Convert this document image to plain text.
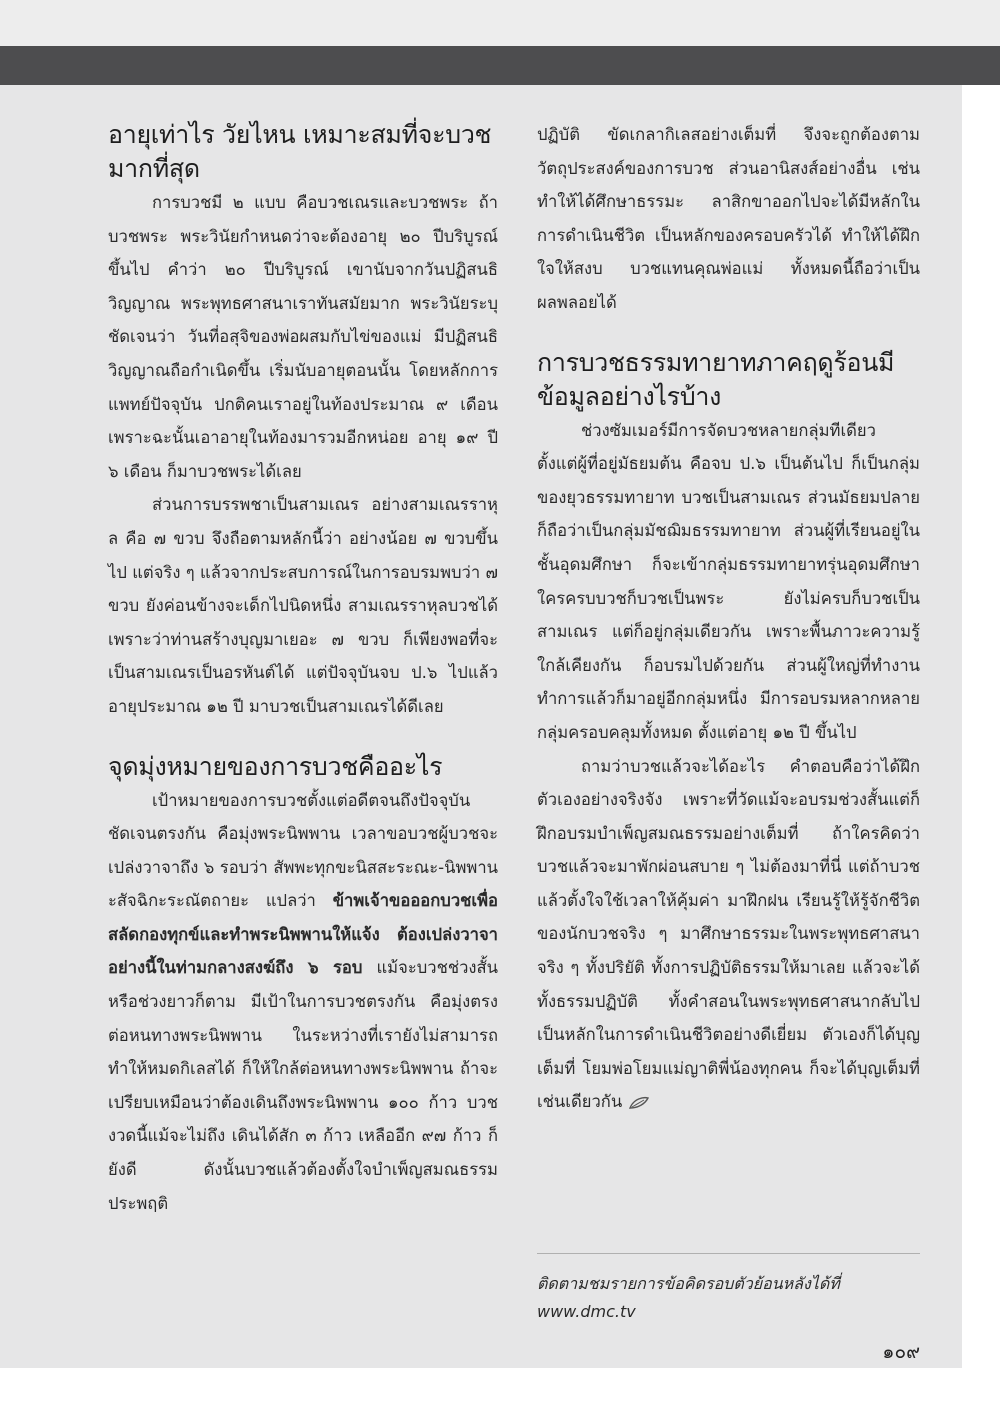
อายุเท่าไร วัยไหน เหมาะสมที่จะบวชมากที่สุด

การบวชมี ๒ แบบ คือบวชเณรและบวชพระ ถ้าบวชพระ พระวินัยกำหนดว่าจะต้องอายุ ๒๐ ปีบริบูรณ์ขึ้นไป คำว่า ๒๐ ปีบริบูรณ์ เขานับจากวันปฏิสนธิวิญญาณ พระพุทธศาสนาเราทันสมัยมาก พระวินัยระบุชัดเจนว่า วันที่อสุจิของพ่อผสมกับไข่ของแม่ มีปฏิสนธิวิญญาณถือกำเนิดขึ้น เริ่มนับอายุตอนนั้น โดยหลักการแพทย์ปัจจุบัน ปกติคนเราอยู่ในท้องประมาณ ๙ เดือน เพราะฉะนั้นเอาอายุในท้องมารวมอีกหน่อย อายุ ๑๙ ปี ๖ เดือน ก็มาบวชพระได้เลย

ส่วนการบรรพชาเป็นสามเณร อย่างสามเณรราหุล คือ ๗ ขวบ จึงถือตามหลักนี้ว่า อย่างน้อย ๗ ขวบขึ้นไป แต่จริง ๆ แล้วจากประสบการณ์ในการอบรมพบว่า ๗ ขวบ ยังค่อนข้างจะเด็กไปนิดหนึ่ง สามเณรราหุลบวชได้ เพราะว่าท่านสร้างบุญมาเยอะ ๗ ขวบ ก็เพียงพอที่จะเป็นสามเณรเป็นอรหันต์ได้ แต่ปัจจุบันจบ ป.๖ ไปแล้ว อายุประมาณ ๑๒ ปี มาบวชเป็นสามเณรได้ดีเลย

จุดมุ่งหมายของการบวชคืออะไร

เป้าหมายของการบวชตั้งแต่อดีตจนถึงปัจจุบันชัดเจนตรงกัน คือมุ่งพระนิพพาน เวลาขอบวชผู้บวชจะเปล่งวาจาถึง ๖ รอบว่า สัพพะทุกขะนิสสะระณะ-นิพพานะสัจฉิกะระณัตถายะ แปลว่า ข้าพเจ้าขอออกบวชเพื่อสลัดกองทุกข์และทำพระนิพพานให้แจ้ง ต้องเปล่งวาจาอย่างนี้ในท่ามกลางสงฆ์ถึง ๖ รอบ แม้จะบวชช่วงสั้นหรือช่วงยาวก็ตาม มีเป้าในการบวชตรงกัน คือมุ่งตรงต่อหนทางพระนิพพาน ในระหว่างที่เรายังไม่สามารถทำให้หมดกิเลสได้ ก็ให้ใกล้ต่อหนทางพระนิพพาน ถ้าจะเปรียบเหมือนว่าต้องเดินถึงพระนิพพาน ๑๐๐ ก้าว บวชงวดนี้แม้จะไม่ถึง เดินได้สัก ๓ ก้าว เหลืออีก ๙๗ ก้าว ก็ยังดี ดังนั้นบวชแล้วต้องตั้งใจบำเพ็ญสมณธรรม ประพฤติ

ปฏิบัติ ขัดเกลากิเลสอย่างเต็มที่ จึงจะถูกต้องตามวัตถุประสงค์ของการบวช ส่วนอานิสงส์อย่างอื่น เช่น ทำให้ได้ศึกษาธรรมะ ลาสิกขาออกไปจะได้มีหลักในการดำเนินชีวิต เป็นหลักของครอบครัวได้ ทำให้ได้ฝึกใจให้สงบ บวชแทนคุณพ่อแม่ ทั้งหมดนี้ถือว่าเป็นผลพลอยได้

การบวชธรรมทายาทภาคฤดูร้อนมีข้อมูลอย่างไรบ้าง

ช่วงซัมเมอร์มีการจัดบวชหลายกลุ่มทีเดียว ตั้งแต่ผู้ที่อยู่มัธยมต้น คือจบ ป.๖ เป็นต้นไป ก็เป็นกลุ่มของยุวธรรมทายาท บวชเป็นสามเณร ส่วนมัธยมปลาย ก็ถือว่าเป็นกลุ่มมัชฌิมธรรมทายาท ส่วนผู้ที่เรียนอยู่ในชั้นอุดมศึกษา ก็จะเข้ากลุ่มธรรมทายาทรุ่นอุดมศึกษา ใครครบบวชก็บวชเป็นพระ ยังไม่ครบก็บวชเป็นสามเณร แต่ก็อยู่กลุ่มเดียวกัน เพราะพื้นภาวะความรู้ใกล้เคียงกัน ก็อบรมไปด้วยกัน ส่วนผู้ใหญ่ที่ทำงานทำการแล้วก็มาอยู่อีกกลุ่มหนึ่ง มีการอบรมหลากหลายกลุ่มครอบคลุมทั้งหมด ตั้งแต่อายุ ๑๒ ปี ขึ้นไป

ถามว่าบวชแล้วจะได้อะไร คำตอบคือว่าได้ฝึกตัวเองอย่างจริงจัง เพราะที่วัดแม้จะอบรมช่วงสั้นแต่ก็ฝึกอบรมบำเพ็ญสมณธรรมอย่างเต็มที่ ถ้าใครคิดว่าบวชแล้วจะมาพักผ่อนสบาย ๆ ไม่ต้องมาที่นี่ แต่ถ้าบวชแล้วตั้งใจใช้เวลาให้คุ้มค่า มาฝึกฝน เรียนรู้ให้รู้จักชีวิตของนักบวชจริง ๆ มาศึกษาธรรมะในพระพุทธศาสนาจริง ๆ ทั้งปริยัติ ทั้งการปฏิบัติธรรมให้มาเลย แล้วจะได้ทั้งธรรมปฏิบัติ ทั้งคำสอนในพระพุทธศาสนากลับไปเป็นหลักในการดำเนินชีวิตอย่างดีเยี่ยม ตัวเองก็ได้บุญเต็มที่ โยมพ่อโยมแม่ญาติพี่น้องทุกคน ก็จะได้บุญเต็มที่เช่นเดียวกัน

ติดตามชมรายการข้อคิดรอบตัวย้อนหลังได้ที่
www.dmc.tv
๑๐๙
